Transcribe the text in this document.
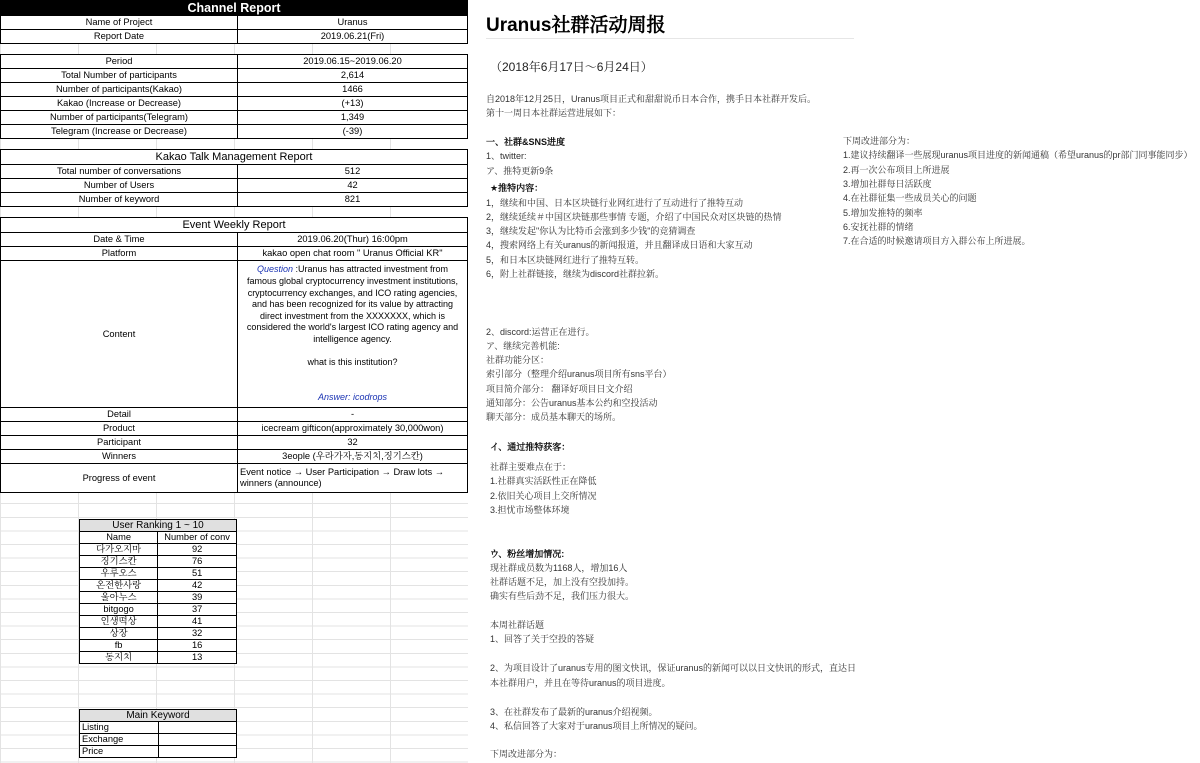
Channel Report	
Name of Project	Uranus
Report Date	2019.06.21(Fri)
Period	2019.06.15~2019.06.20
Total Number of participants	2,614
Number of participants(Kakao)	1466
Kakao (Increase or Decrease)	(+13)
Number of participants(Telegram)	1,349
Telegram (Increase or Decrease)	(-39)
Kakao Talk Management Report	
Total number of conversations	512
Number of Users	42
Number of keyword	821
Event Weekly Report	
Date & Time	2019.06.20(Thur) 16:00pm
Platform	kakao open chat room " Uranus Official KR"
Content	Question :Uranus has attracted investment from famous global cryptocurrency investment institutions, cryptocurrency exchanges, and ICO rating agencies, and has been recognized for its value by attracting direct investment from the XXXXXXX, which is considered the world's largest ICO rating agency and intelligence agency.

what is this institution?

Answer: icodrops
Detail	-
Product	icecream gifticon(approximately 30,000won)
Participant	32
Winners	3eople (우라가자,동지치,징기스칸)
Progress of event	Event notice → User Participation → Draw lots → winners (announce)
User Ranking 1 ~ 10	
Name	Number of conv
다가오지마	92
징기스칸	76
우루오스	51
온전한사랑	42
울아누스	39
bitgogo	37
인생떡상	41
상장	32
fb	16
동지치	13
Main Keyword	
Listing	
Exchange	
Price	
Uranus社群活动周报
（2018年6月17日～6月24日）
自2018年12月25日，Uranus项目正式和甜甜说币日本合作，携手日本社群开发后。
第十一周日本社群运营进展如下：
一、社群&SNS进度
1、twitter:
ア、推特更新9条
★推特内容：
1，继续和中国、日本区块链行业网红进行了互动进行了推特互动
2，继续延续＃中国区块链那些事情 专题，介绍了中国民众对区块链的热情
3，继续发起"你认为比特币会涨到多少钱"的竞猜调查
4，搜索网络上有关uranus的新闻报道，并且翻译成日语和大家互动
5，和日本区块链网红进行了推特互转。
6，附上社群链接，继续为discord社群拉新。
2、discord:运营正在进行。
ア、继续完善机能:
社群功能分区：
索引部分（整理介绍uranus项目所有sns平台）
项目简介部分： 翻译好项目日文介绍
通知部分：公告uranus基本公约和空投活动
聊天部分：成员基本聊天的场所。
イ、通过推特获客：
社群主要难点在于：
1.社群真实活跃性正在降低
2.依旧关心项目上交所情况
3.担忧市场整体环境
ウ、粉丝增加情况:
现社群成员数为1168人，增加16人
社群话题不足，加上没有空投加持。
确实有些后劲不足，我们压力很大。
本周社群话题
1、回答了关于空投的答疑
2、为项目设计了uranus专用的图文快讯，保证uranus的新闻可以以日文快讯的形式，直达日
本社群用户，并且在等待uranus的项目进度。
3、在社群发布了最新的uranus介绍视频。
4、私信回答了大家对于uranus项目上所情况的疑问。
下周改进部分为：
下周改进部分为：
1.建议持续翻译一些展现uranus项目进度的新闻通稿（希望uranus的pr部门同事能同步）
2.再一次公布项目上所进展
3.增加社群每日活跃度
4.在社群征集一些成员关心的问题
5.增加发推特的频率
6.安抚社群的情绪
7.在合适的时候邀请项目方入群公布上所进展。
